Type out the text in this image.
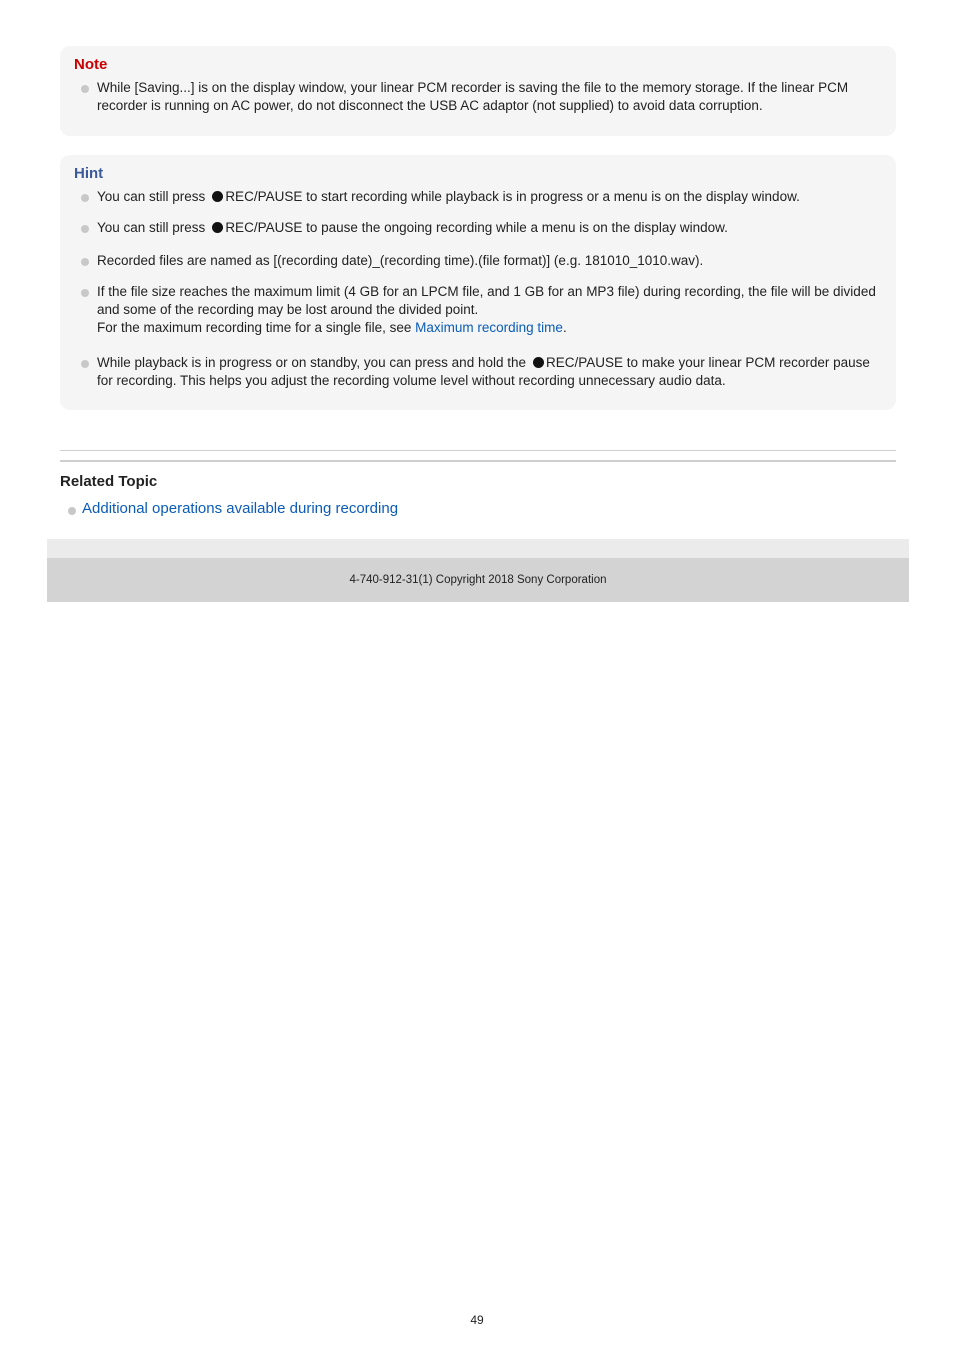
Note
While [Saving...] is on the display window, your linear PCM recorder is saving the file to the memory storage. If the linear PCM recorder is running on AC power, do not disconnect the USB AC adaptor (not supplied) to avoid data corruption.
Hint
You can still press REC/PAUSE to start recording while playback is in progress or a menu is on the display window.
You can still press REC/PAUSE to pause the ongoing recording while a menu is on the display window.
Recorded files are named as [(recording date)_(recording time).(file format)] (e.g. 181010_1010.wav).
If the file size reaches the maximum limit (4 GB for an LPCM file, and 1 GB for an MP3 file) during recording, the file will be divided and some of the recording may be lost around the divided point.
For the maximum recording time for a single file, see Maximum recording time.
While playback is in progress or on standby, you can press and hold the REC/PAUSE to make your linear PCM recorder pause for recording. This helps you adjust the recording volume level without recording unnecessary audio data.
Related Topic
Additional operations available during recording
4-740-912-31(1) Copyright 2018 Sony Corporation
49
